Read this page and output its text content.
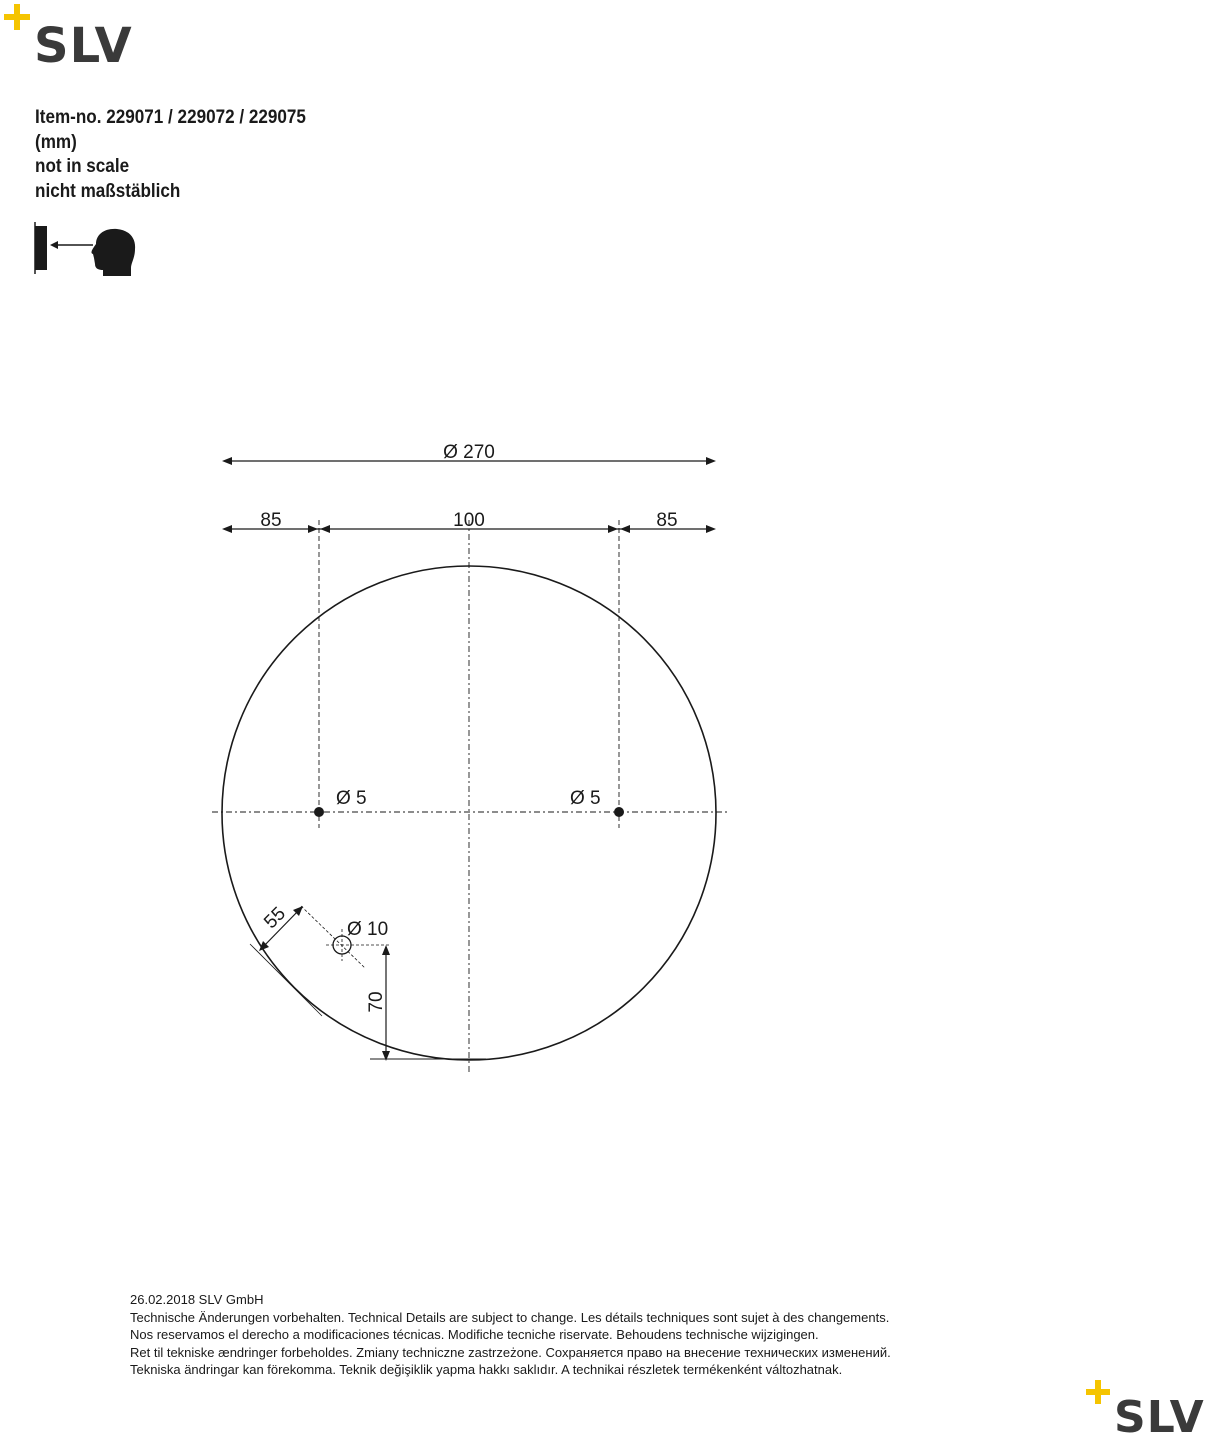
SLV
Item-no. 229071 / 229072 / 229075
(mm)
not in scale
nicht maßstäblich
Ø 270
85	100	85
Ø 5	Ø 5
Ø 10
55
70
26.02.2018 SLV GmbH
Technische Änderungen vorbehalten. Technical Details are subject to change. Les détails techniques sont sujet à des changements.
Nos reservamos el derecho a modificaciones técnicas. Modifiche tecniche riservate. Behoudens technische wijzigingen.
Ret til tekniske ændringer forbeholdes. Zmiany techniczne zastrzeżone. Сохраняется право на внесение технических изменений.
Tekniska ändringar kan förekomma. Teknik değişiklik yapma hakkı saklıdır. A technikai részletek termékenként változhatnak.
SLV
